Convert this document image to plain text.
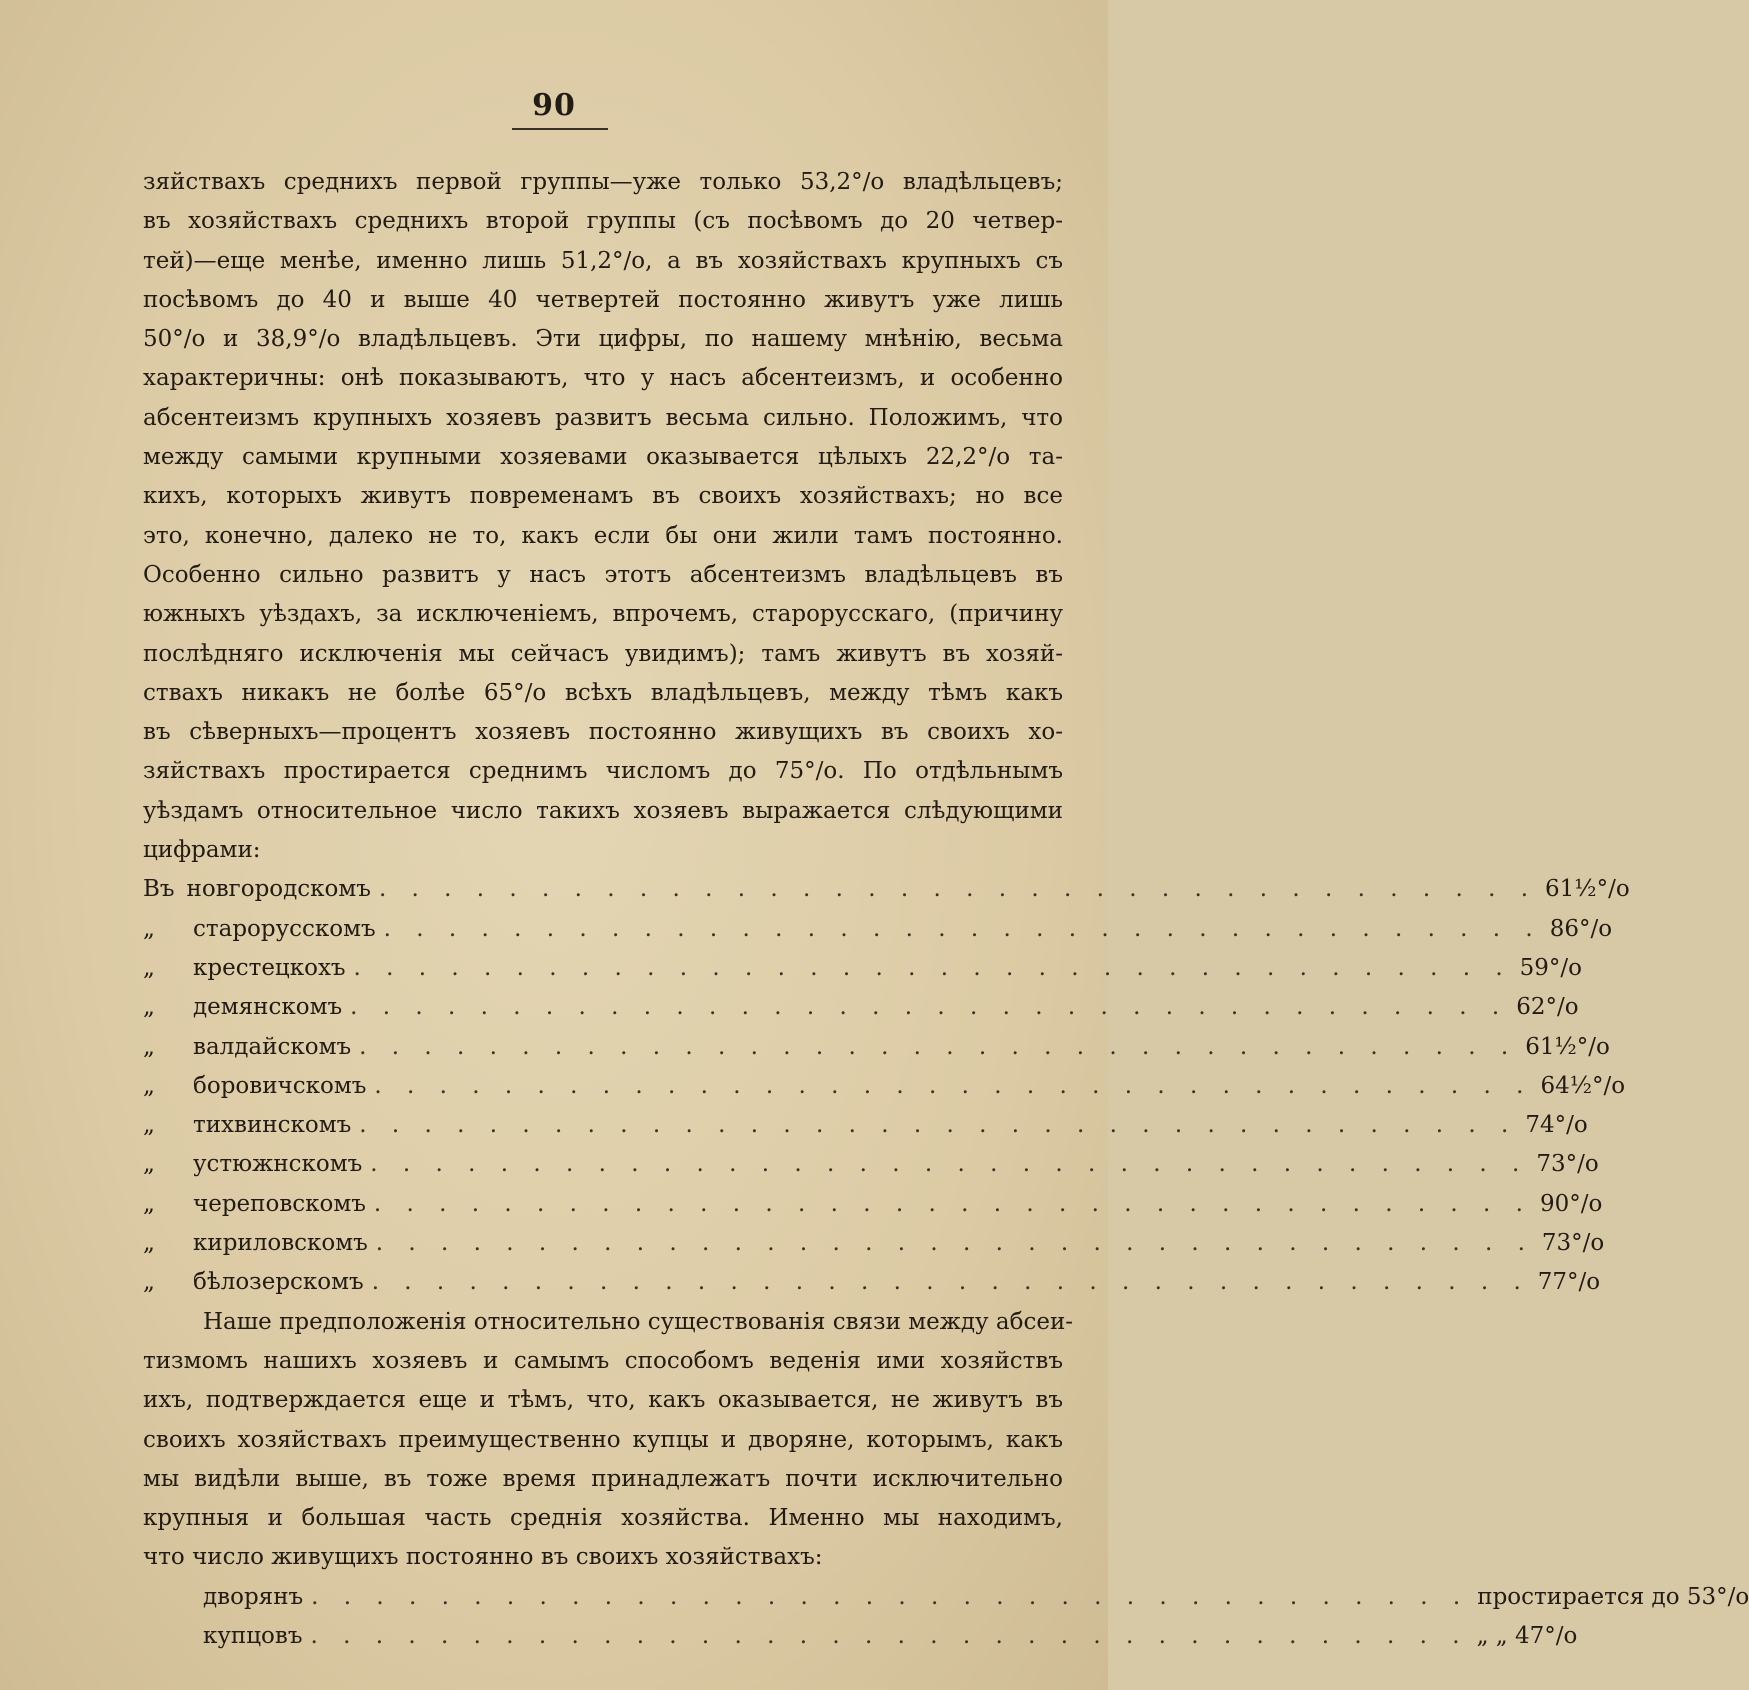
90
зяйствахъ среднихъ первой группы—уже только 53,2°/о владѣльцевъ;
въ хозяйствахъ среднихъ второй группы (съ посѣвомъ до 20 четвер-
тей)—еще менѣе, именно лишь 51,2°/о, а въ хозяйствахъ крупныхъ съ
посѣвомъ до 40 и выше 40 четвертей постоянно живутъ уже лишь
50°/о и 38,9°/о владѣльцевъ. Эти цифры, по нашему мнѣнію, весьма
характеричны: онѣ показываютъ, что у насъ абсентеизмъ, и особенно
абсентеизмъ крупныхъ хозяевъ развитъ весьма сильно. Положимъ, что
между самыми крупными хозяевами оказывается цѣлыхъ 22,2°/о та-
кихъ, которыхъ живутъ повременамъ въ своихъ хозяйствахъ; но все
это, конечно, далеко не то, какъ если бы они жили тамъ постоянно.
Особенно сильно развитъ у насъ этотъ абсентеизмъ владѣльцевъ въ
южныхъ уѣздахъ, за исключеніемъ, впрочемъ, старорусскаго, (причину
послѣдняго исключенія мы сейчасъ увидимъ); тамъ живутъ въ хозяй-
ствахъ никакъ не болѣе 65°/о всѣхъ владѣльцевъ, между тѣмъ какъ
въ сѣверныхъ—процентъ хозяевъ постоянно живущихъ въ своихъ хо-
зяйствахъ простирается среднимъ числомъ до 75°/о. По отдѣльнымъ
уѣздамъ относительное число такихъ хозяевъ выражается слѣдующими
цифрами:
Въ новгородскомъ . . . . . . . . . . . . . . . . . . . . . . . . . . . . . . . . . . . . 61½°/о
„	старорусскомъ . . . . . . . . . . . . . . . . . . . . . . . . . . . . . . . . . . . . 86°/о
„	крестецкохъ . . . . . . . . . . . . . . . . . . . . . . . . . . . . . . . . . . . . 59°/о
„	демянскомъ . . . . . . . . . . . . . . . . . . . . . . . . . . . . . . . . . . . . 62°/о
„	валдайскомъ . . . . . . . . . . . . . . . . . . . . . . . . . . . . . . . . . . . . 61½°/о
„	боровичскомъ . . . . . . . . . . . . . . . . . . . . . . . . . . . . . . . . . . . . 64½°/о
„	тихвинскомъ . . . . . . . . . . . . . . . . . . . . . . . . . . . . . . . . . . . . 74°/о
„	устюжнскомъ . . . . . . . . . . . . . . . . . . . . . . . . . . . . . . . . . . . . 73°/о
„	череповскомъ . . . . . . . . . . . . . . . . . . . . . . . . . . . . . . . . . . . . 90°/о
„	кириловскомъ . . . . . . . . . . . . . . . . . . . . . . . . . . . . . . . . . . . . 73°/о
„	бѣлозерскомъ . . . . . . . . . . . . . . . . . . . . . . . . . . . . . . . . . . . . 77°/о
Наше предположенія относительно существованія связи между абсеи-
тизмомъ нашихъ хозяевъ и самымъ способомъ веденія ими хозяйствъ
ихъ, подтверждается еще и тѣмъ, что, какъ оказывается, не живутъ въ
своихъ хозяйствахъ преимущественно купцы и дворяне, которымъ, какъ
мы видѣли выше, въ тоже время принадлежатъ почти исключительно
крупныя и большая часть среднія хозяйства. Именно мы находимъ,
что число живущихъ постоянно въ своихъ хозяйствахъ:
дворянъ . . . . . . . . . . . . . . . . . . . . . . . . . . . . . . . . . . . . простирается до 53°/о
купцовъ . . . . . . . . . . . . . . . . . . . . . . . . . . . . . . . . . . . . „ „ 47°/о
